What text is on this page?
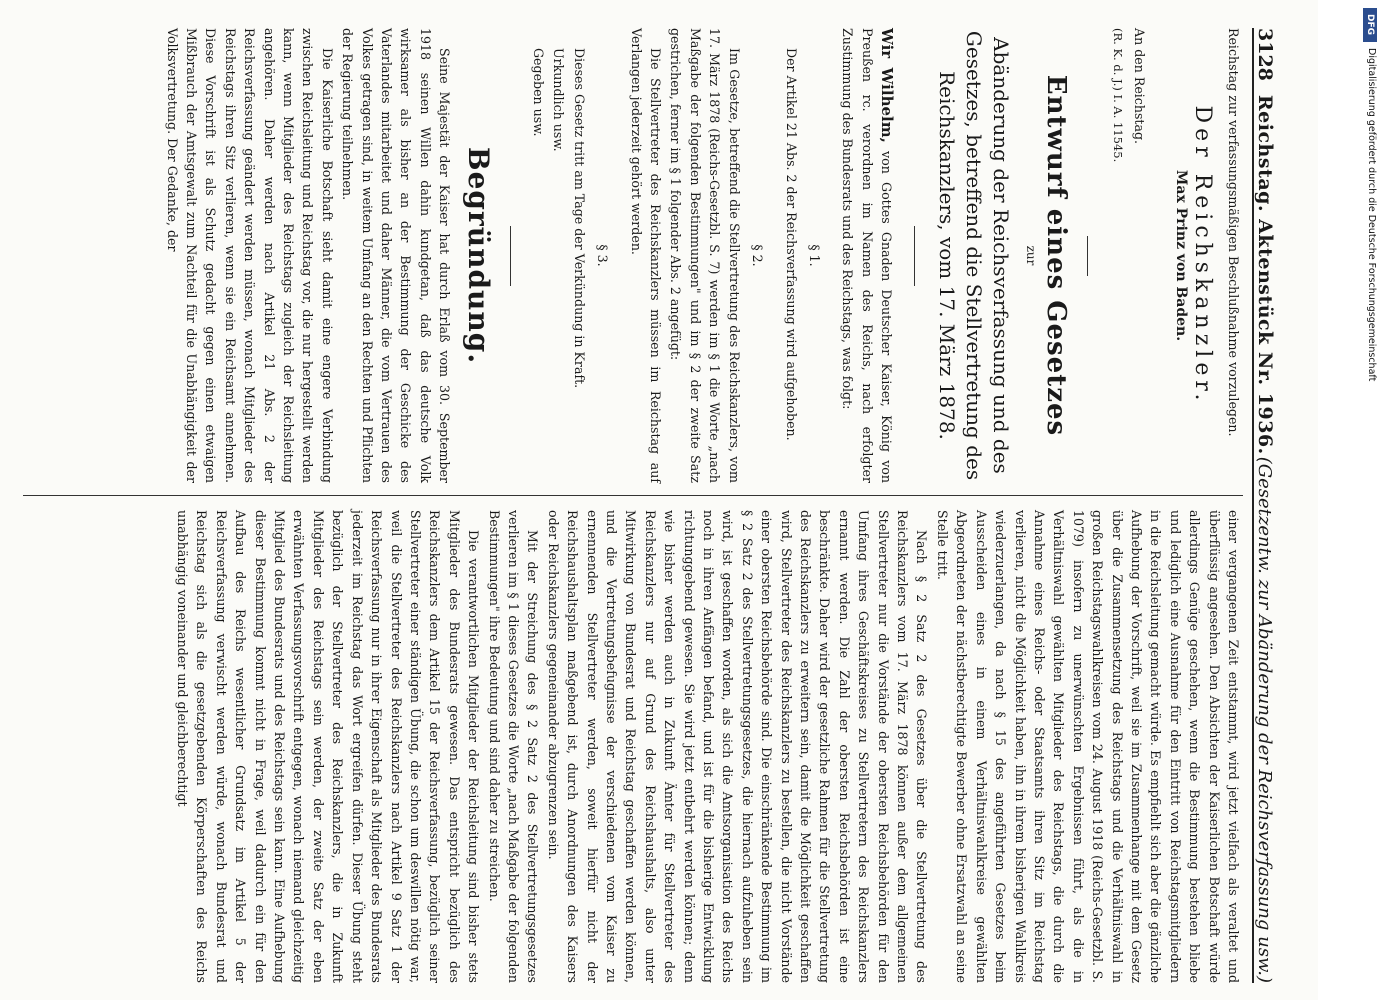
3128
Reichstag. Aktenstück Nr. 1936.
(Gesetzentw. zur Abänderung der Reichsverfassung usw.)

Reichstag zur verfassungsmäßigen Beschlußnahme vorzulegen.

Der Reichskanzler.
Max Prinz von Baden.

An den Reichstag.

(R. K. d. J.) I. A. 11545.

Entwurf eines Gesetzes
zur
Abänderung der Reichsverfassung und des Gesetzes, betreffend die Stellvertretung des Reichskanzlers, vom 17. März 1878.

Wir Wilhelm, von Gottes Gnaden Deutscher Kaiser, König von Preußen rc. verordnen im Namen des Reichs, nach erfolgter Zustimmung des Bundesrats und des Reichstags, was folgt:

§ 1.

Der Artikel 21 Abs. 2 der Reichsverfassung wird aufgehoben.

§ 2.

Im Gesetze, betreffend die Stellvertretung des Reichskanzlers, vom 17. März 1878 (Reichs-Gesetzbl. S. 7) werden im § 1 die Worte „nach Maßgabe der folgenden Bestimmungen" und im § 2 der zweite Satz gestrichen, ferner im § 1 folgender Abs. 2 angefügt:

Die Stellvertreter des Reichskanzlers müssen im Reichstag auf Verlangen jederzeit gehört werden.

§ 3.

Dieses Gesetz tritt am Tage der Verkündung in Kraft.

Urkundlich usw.

Gegeben usw.

Begründung.

Seine Majestät der Kaiser hat durch Erlaß vom 30. September 1918 seinen Willen dahin kundgetan, daß das deutsche Volk wirksamer als bisher an der Bestimmung der Geschicke des Vaterlandes mitarbeitet und daher Männer, die vom Vertrauen des Volkes getragen sind, in weitem Umfang an den Rechten und Pflichten der Regierung teilnehmen.

Die Kaiserliche Botschaft sieht damit eine engere Verbindung zwischen Reichsleitung und Reichstag vor, die nur hergestellt werden kann, wenn Mitglieder des Reichstags zugleich der Reichsleitung angehören. Daher werden nach Artikel 21 Abs. 2 der Reichsverfassung geändert werden müssen, wonach Mitglieder des Reichstags ihren Sitz verlieren, wenn sie ein Reichsamt annehmen. Diese Vorschrift ist als Schutz gedacht gegen einen etwaigen Mißbrauch der Amtsgewalt zum Nachteil für die Unabhängigkeit der Volksvertretung. Der Gedanke, der

einer vergangenen Zeit entstammt, wird jetzt vielfach als veraltet und überflüssig angesehen. Den Absichten der Kaiserlichen Botschaft würde allerdings Genüge geschehen, wenn die Bestimmung bestehen bliebe und lediglich eine Ausnahme für den Eintritt von Reichstagsmitgliedern in die Reichsleitung gemacht würde. Es empfiehlt sich aber die gänzliche Aufhebung der Vorschrift, weil sie im Zusammenhange mit dem Gesetz über die Zusammensetzung des Reichstags und die Verhältniswahl in großen Reichstagswahlkreisen vom 24. August 1918 (Reichs-Gesetzbl. S. 1079) insofern zu unerwünschten Ergebnissen führt, als die in Verhältniswahl gewählten Mitglieder des Reichstags, die durch die Annahme eines Reichs- oder Staatsamts ihren Sitz im Reichstag verlieren, nicht die Möglichkeit haben, ihn in ihrem bisherigen Wahlkreis wiederzuerlangen, da nach § 15 des angeführten Gesetzes beim Ausscheiden eines in einem Verhältniswahlkreise gewählten Abgeordneten der nächstberechtigte Bewerber ohne Ersatzwahl an seine Stelle tritt.

Nach § 2 Satz 2 des Gesetzes über die Stellvertretung des Reichskanzlers vom 17. März 1878 können außer dem allgemeinen Stellvertreter nur die Vorstände der obersten Reichsbehörden für den Umfang ihres Geschäftskreises zu Stellvertretern des Reichskanzlers ernannt werden. Die Zahl der obersten Reichsbehörden ist eine beschränkte. Daher wird der gesetzliche Rahmen für die Stellvertretung des Reichskanzlers zu erweitern sein, damit die Möglichkeit geschaffen wird, Stellvertreter des Reichskanzlers zu bestellen, die nicht Vorstände einer obersten Reichsbehörde sind. Die einschränkende Bestimmung im § 2 Satz 2 des Stellvertretungsgesetzes, die hiernach aufzuheben sein wird, ist geschaffen worden, als sich die Amtsorganisation des Reichs noch in ihren Anfängen befand, und ist für die bisherige Entwicklung richtunggebend gewesen. Sie wird jetzt entbehrt werden können; denn wie bisher werden auch in Zukunft Ämter für Stellvertreter des Reichskanzlers nur auf Grund des Reichshaushalts, also unter Mitwirkung von Bundesrat und Reichstag geschaffen werden können, und die Vertretungsbefugnisse der verschiedenen vom Kaiser zu ernennenden Stellvertreter werden, soweit hierfür nicht der Reichshaushaltsplan maßgebend ist, durch Anordnungen des Kaisers oder Reichskanzlers gegeneinander abzugrenzen sein.

Mit der Streichung des § 2 Satz 2 des Stellvertretungsgesetzes verlieren im § 1 dieses Gesetzes die Worte „nach Maßgabe der folgenden Bestimmungen" ihre Bedeutung und sind daher zu streichen.

Die verantwortlichen Mitglieder der Reichsleitung sind bisher stets Mitglieder des Bundesrats gewesen. Das entspricht bezüglich des Reichskanzlers dem Artikel 15 der Reichsverfassung, bezüglich seiner Stellvertreter einer ständigen Übung, die schon um deswillen nötig war, weil die Stellvertreter des Reichskanzlers nach Artikel 9 Satz 1 der Reichsverfassung nur in ihrer Eigenschaft als Mitglieder des Bundesrats jederzeit im Reichstag das Wort ergreifen dürfen. Dieser Übung steht bezüglich der Stellvertreter des Reichskanzlers, die in Zukunft Mitglieder des Reichstags sein werden, der zweite Satz der eben erwähnten Verfassungsvorschrift entgegen, wonach niemand gleichzeitig Mitglied des Bundesrats und des Reichstags sein kann. Eine Aufhebung dieser Bestimmung kommt nicht in Frage, weil dadurch ein für den Aufbau des Reichs wesentlicher Grundsatz im Artikel 5 der Reichsverfassung verwischt werden würde, wonach Bundesrat und Reichstag sich als die gesetzgebenden Körperschaften des Reichs unabhängig voneinander und gleichberechtigt

DFG
Digitalisierung gefördert durch die Deutsche Forschungsgemeinschaft
